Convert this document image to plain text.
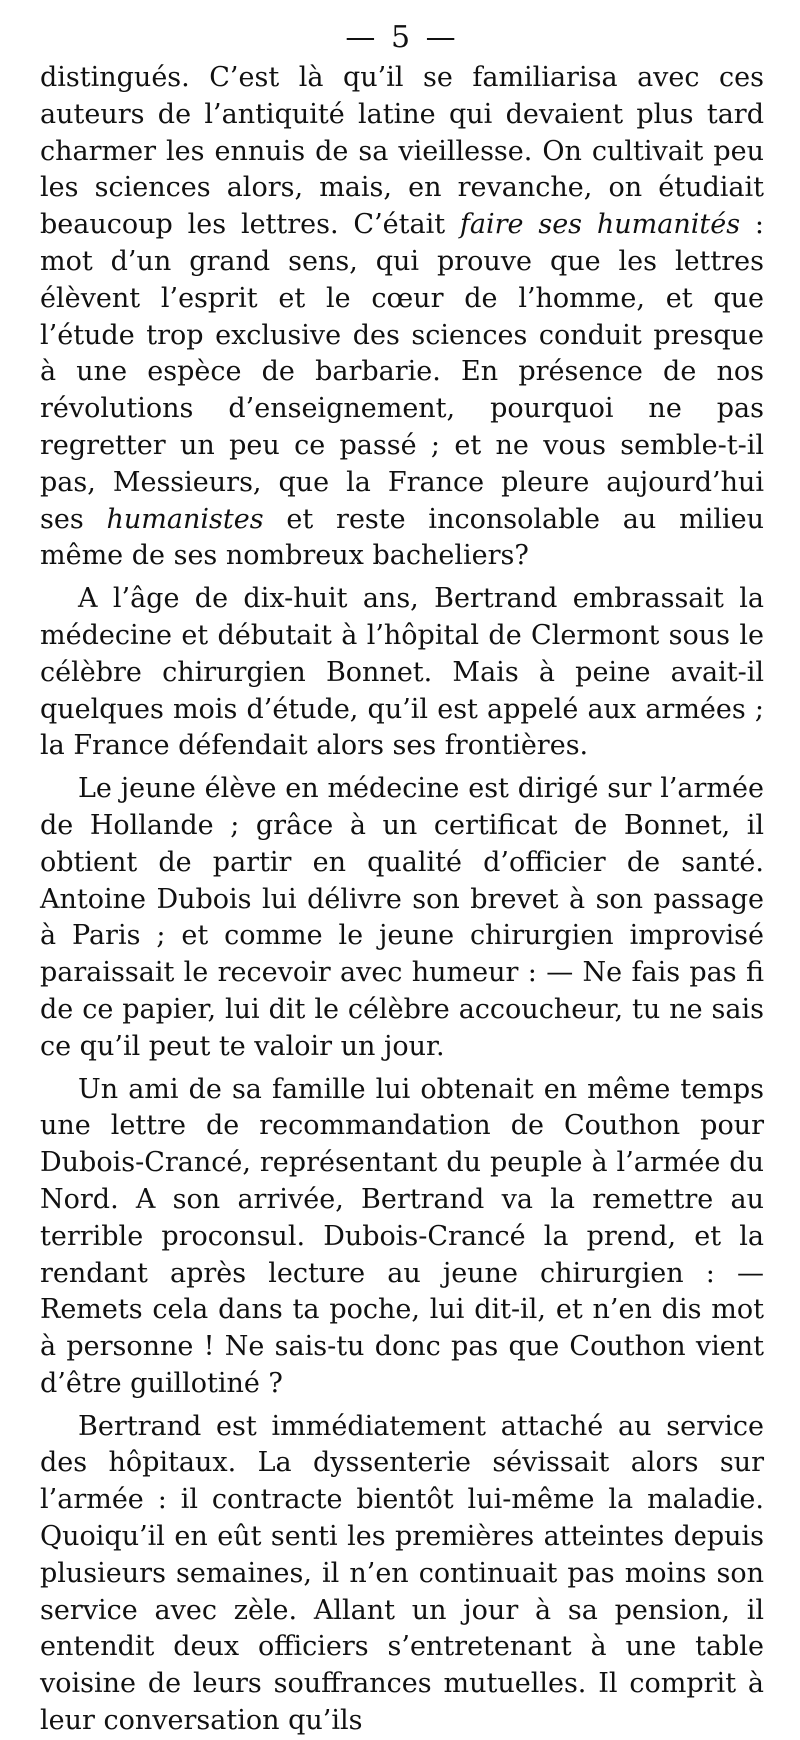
— 5 —

distingués. C’est là qu’il se familiarisa avec ces auteurs de l’antiquité latine qui devaient plus tard charmer les ennuis de sa vieillesse. On cultivait peu les sciences alors, mais, en revanche, on étudiait beaucoup les lettres. C’était faire ses humanités : mot d’un grand sens, qui prouve que les lettres élèvent l’esprit et le cœur de l’homme, et que l’étude trop exclusive des sciences conduit presque à une espèce de barbarie. En présence de nos révolutions d’enseignement, pourquoi ne pas regretter un peu ce passé ; et ne vous semble-t-il pas, Messieurs, que la France pleure aujourd’hui ses humanistes et reste inconsolable au milieu même de ses nombreux bacheliers?

A l’âge de dix-huit ans, Bertrand embrassait la médecine et débutait à l’hôpital de Clermont sous le célèbre chirurgien Bonnet. Mais à peine avait-il quelques mois d’étude, qu’il est appelé aux armées ; la France défendait alors ses frontières.

Le jeune élève en médecine est dirigé sur l’armée de Hollande ; grâce à un certificat de Bonnet, il obtient de partir en qualité d’officier de santé. Antoine Dubois lui délivre son brevet à son passage à Paris ; et comme le jeune chirurgien improvisé paraissait le recevoir avec humeur : — Ne fais pas fi de ce papier, lui dit le célèbre accoucheur, tu ne sais ce qu’il peut te valoir un jour.

Un ami de sa famille lui obtenait en même temps une lettre de recommandation de Couthon pour Dubois-Crancé, représentant du peuple à l’armée du Nord. A son arrivée, Bertrand va la remettre au terrible proconsul. Dubois-Crancé la prend, et la rendant après lecture au jeune chirurgien : — Remets cela dans ta poche, lui dit-il, et n’en dis mot à personne ! Ne sais-tu donc pas que Couthon vient d’être guillotiné ?

Bertrand est immédiatement attaché au service des hôpitaux. La dyssenterie sévissait alors sur l’armée : il contracte bientôt lui-même la maladie. Quoiqu’il en eût senti les premières atteintes depuis plusieurs semaines, il n’en continuait pas moins son service avec zèle. Allant un jour à sa pension, il entendit deux officiers s’entretenant à une table voisine de leurs souffrances mutuelles. Il comprit à leur conversation qu’ils
